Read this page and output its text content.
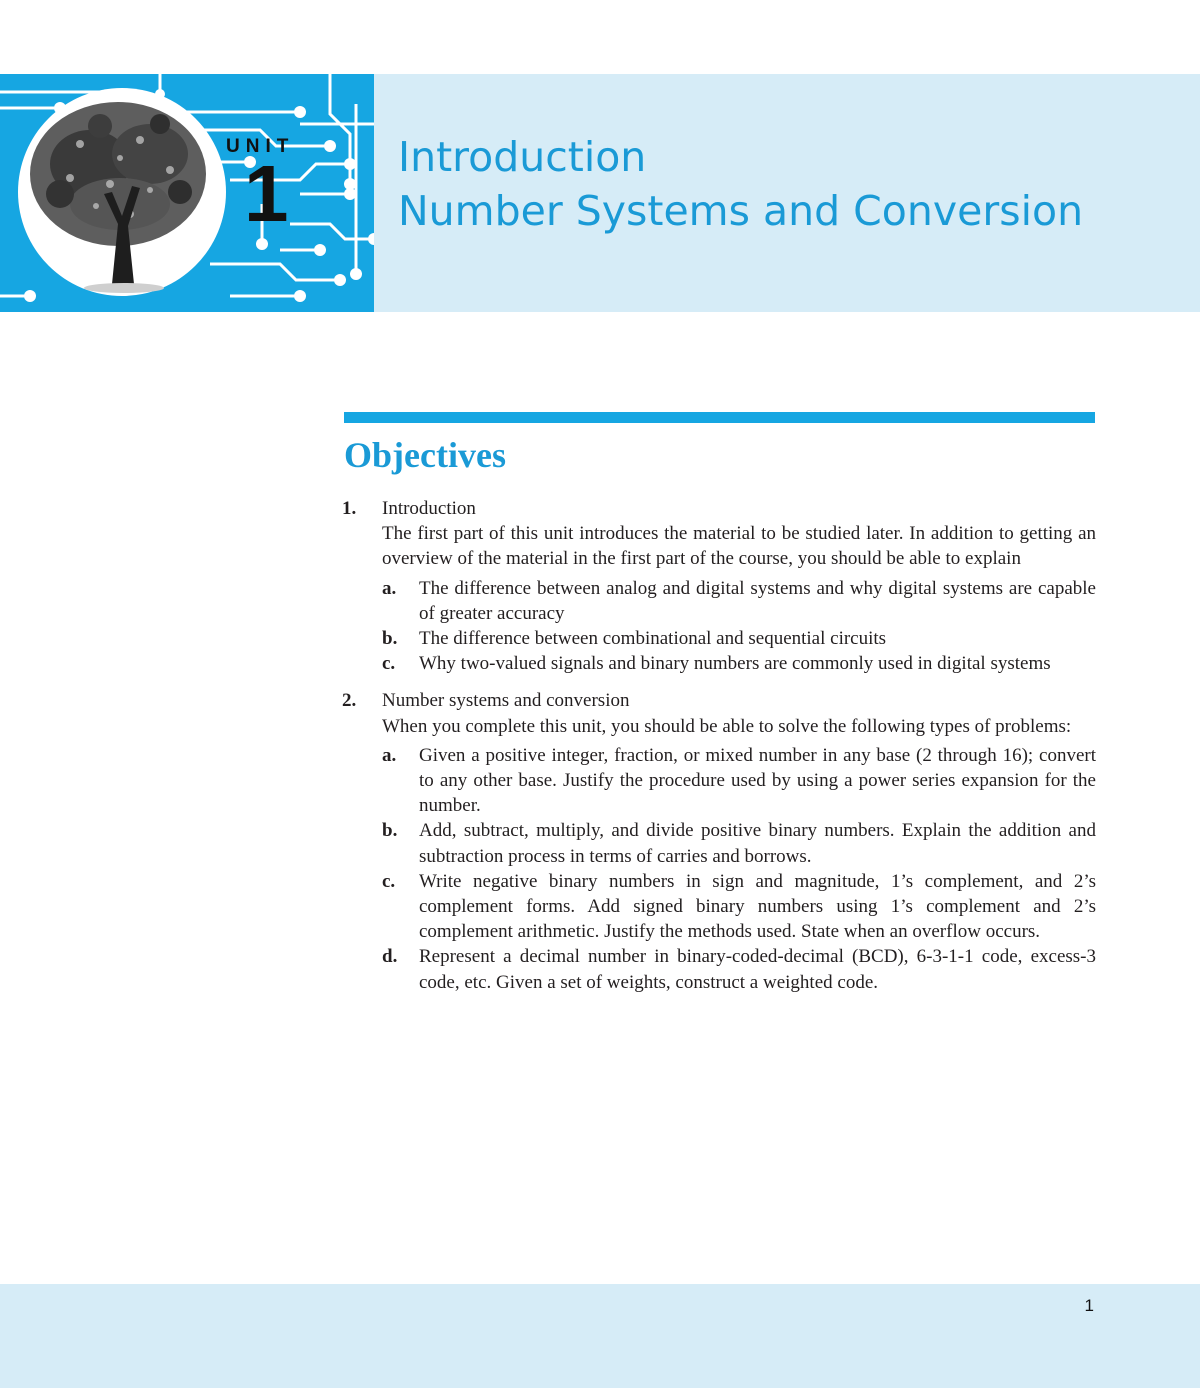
UNIT
1	Introduction
Number Systems and Conversion
Objectives
1. Introduction
The first part of this unit introduces the material to be studied later. In addition to getting an overview of the material in the first part of the course, you should be able to explain
a. The difference between analog and digital systems and why digital systems are capable of greater accuracy
b. The difference between combinational and sequential circuits
c. Why two-valued signals and binary numbers are commonly used in digital systems
2. Number systems and conversion
When you complete this unit, you should be able to solve the following types of problems:
a. Given a positive integer, fraction, or mixed number in any base (2 through 16); convert to any other base. Justify the procedure used by using a power series expansion for the number.
b. Add, subtract, multiply, and divide positive binary numbers. Explain the addition and subtraction process in terms of carries and borrows.
c. Write negative binary numbers in sign and magnitude, 1’s complement, and 2’s complement forms. Add signed binary numbers using 1’s complement and 2’s complement arithmetic. Justify the methods used. State when an overflow occurs.
d. Represent a decimal number in binary-coded-decimal (BCD), 6-3-1-1 code, excess-3 code, etc. Given a set of weights, construct a weighted code.
1
